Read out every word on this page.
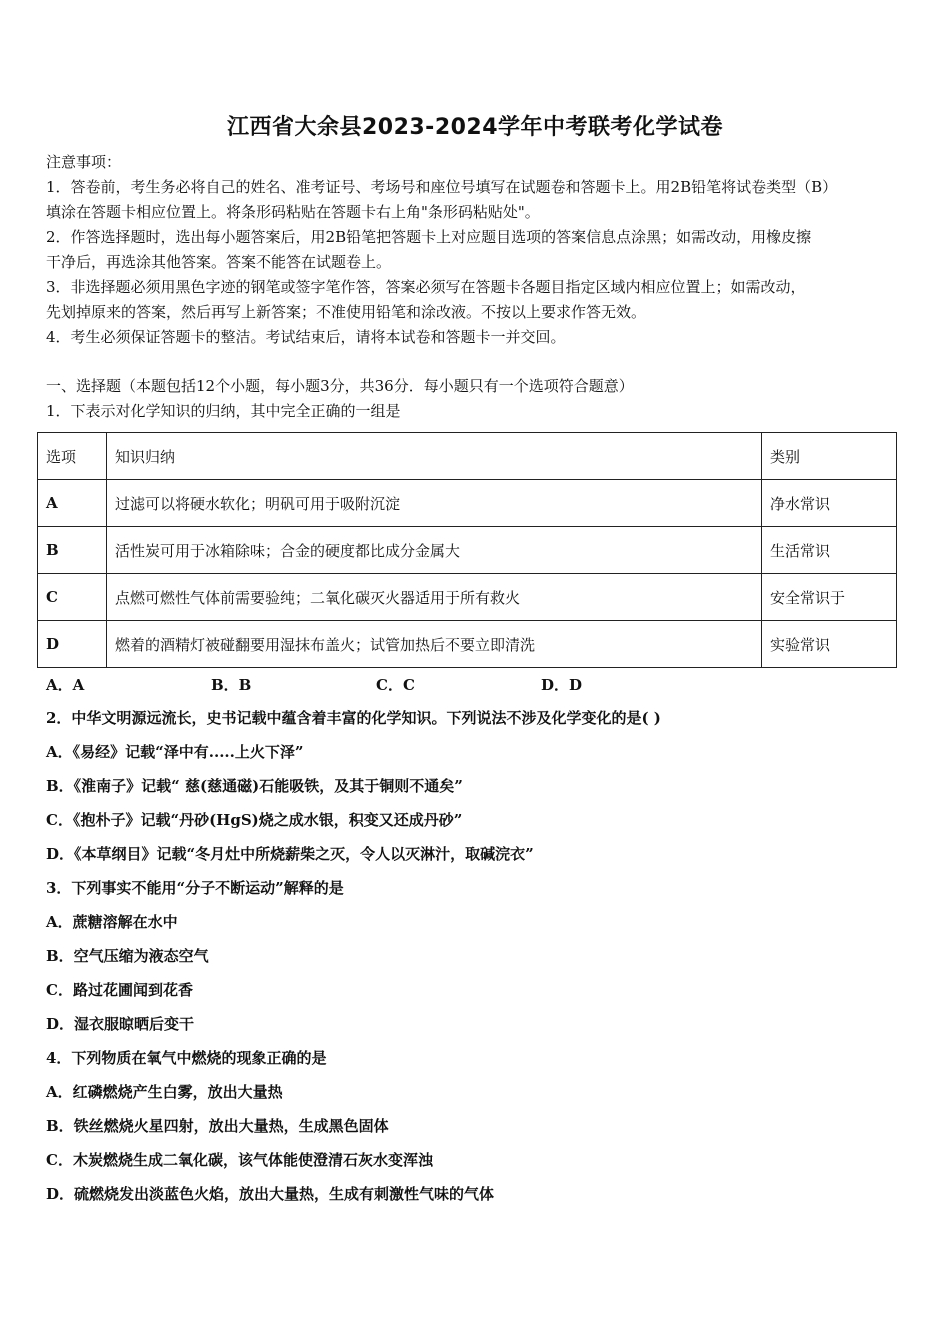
江西省大余县2023-2024学年中考联考化学试卷
注意事项：
1．答卷前，考生务必将自己的姓名、准考证号、考场号和座位号填写在试题卷和答题卡上。用2B铅笔将试卷类型（B）
填涂在答题卡相应位置上。将条形码粘贴在答题卡右上角"条形码粘贴处"。
2．作答选择题时，选出每小题答案后，用2B铅笔把答题卡上对应题目选项的答案信息点涂黑；如需改动，用橡皮擦
干净后，再选涂其他答案。答案不能答在试题卷上。
3．非选择题必须用黑色字迹的钢笔或签字笔作答，答案必须写在答题卡各题目指定区域内相应位置上；如需改动，
先划掉原来的答案，然后再写上新答案；不准使用铅笔和涂改液。不按以上要求作答无效。
4．考生必须保证答题卡的整洁。考试结束后，请将本试卷和答题卡一并交回。
一、选择题（本题包括12个小题，每小题3分，共36分．每小题只有一个选项符合题意）
1．下表示对化学知识的归纳，其中完全正确的一组是
选项	知识归纳	类别
A	过滤可以将硬水软化；明矾可用于吸附沉淀	净水常识
B	活性炭可用于冰箱除味；合金的硬度都比成分金属大	生活常识
C	点燃可燃性气体前需要验纯；二氧化碳灭火器适用于所有救火	安全常识于
D	燃着的酒精灯被碰翻要用湿抹布盖火；试管加热后不要立即清洗	实验常识
A．A	B．B	C．C	D．D
2．中华文明源远流长，史书记载中蕴含着丰富的化学知识。下列说法不涉及化学变化的是( )
A．《易经》记载“泽中有.....上火下泽”
B．《淮南子》记载“ 慈(慈通磁)石能吸铁，及其于铜则不通矣”
C．《抱朴子》记载“丹砂(HgS)烧之成水银，积变又还成丹砂”
D．《本草纲目》记载“冬月灶中所烧薪柴之灭，令人以灭淋汁，取碱浣衣”
3．下列事实不能用“分子不断运动”解释的是
A．蔗糖溶解在水中
B．空气压缩为液态空气
C．路过花圃闻到花香
D．湿衣服晾晒后变干
4．下列物质在氧气中燃烧的现象正确的是
A．红磷燃烧产生白雾，放出大量热
B．铁丝燃烧火星四射，放出大量热，生成黑色固体
C．木炭燃烧生成二氧化碳，该气体能使澄清石灰水变浑浊
D．硫燃烧发出淡蓝色火焰，放出大量热，生成有刺激性气味的气体
